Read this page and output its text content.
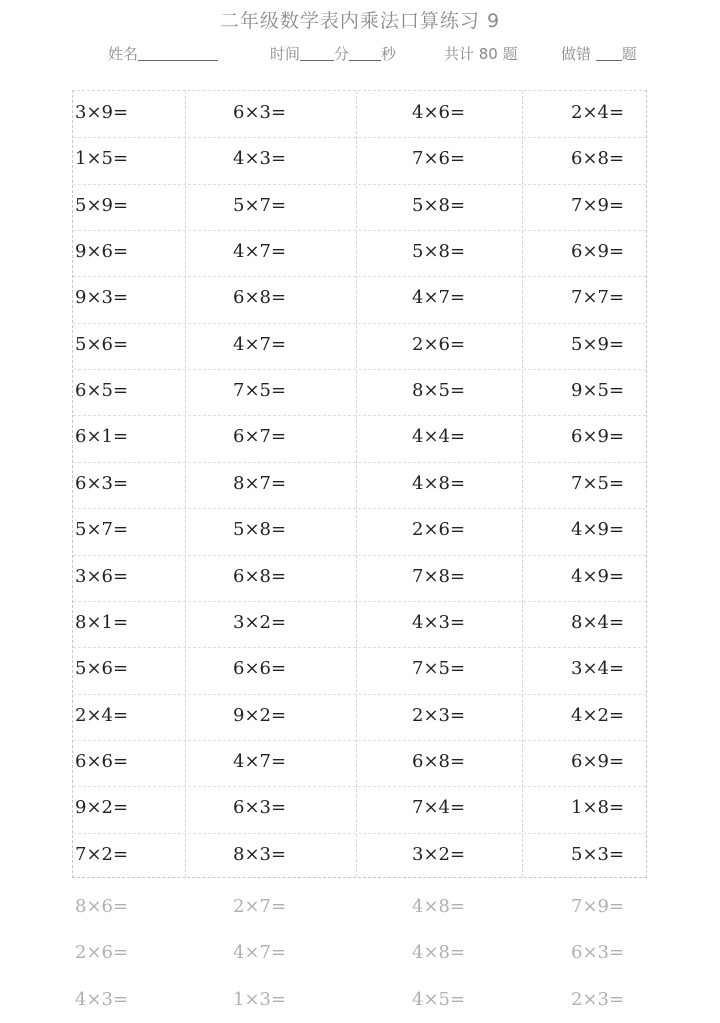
二年级数学表内乘法口算练习 9
姓名	时间 分 秒	共计 80 题	做错 题
3×9=	6×3=	4×6=	2×4=
1×5=	4×3=	7×6=	6×8=
5×9=	5×7=	5×8=	7×9=
9×6=	4×7=	5×8=	6×9=
9×3=	6×8=	4×7=	7×7=
5×6=	4×7=	2×6=	5×9=
6×5=	7×5=	8×5=	9×5=
6×1=	6×7=	4×4=	6×9=
6×3=	8×7=	4×8=	7×5=
5×7=	5×8=	2×6=	4×9=
3×6=	6×8=	7×8=	4×9=
8×1=	3×2=	4×3=	8×4=
5×6=	6×6=	7×5=	3×4=
2×4=	9×2=	2×3=	4×2=
6×6=	4×7=	6×8=	6×9=
9×2=	6×3=	7×4=	1×8=
7×2=	8×3=	3×2=	5×3=
8×6=	2×7=	4×8=	7×9=
2×6=	4×7=	4×8=	6×3=
4×3=	1×3=	4×5=	2×3=
